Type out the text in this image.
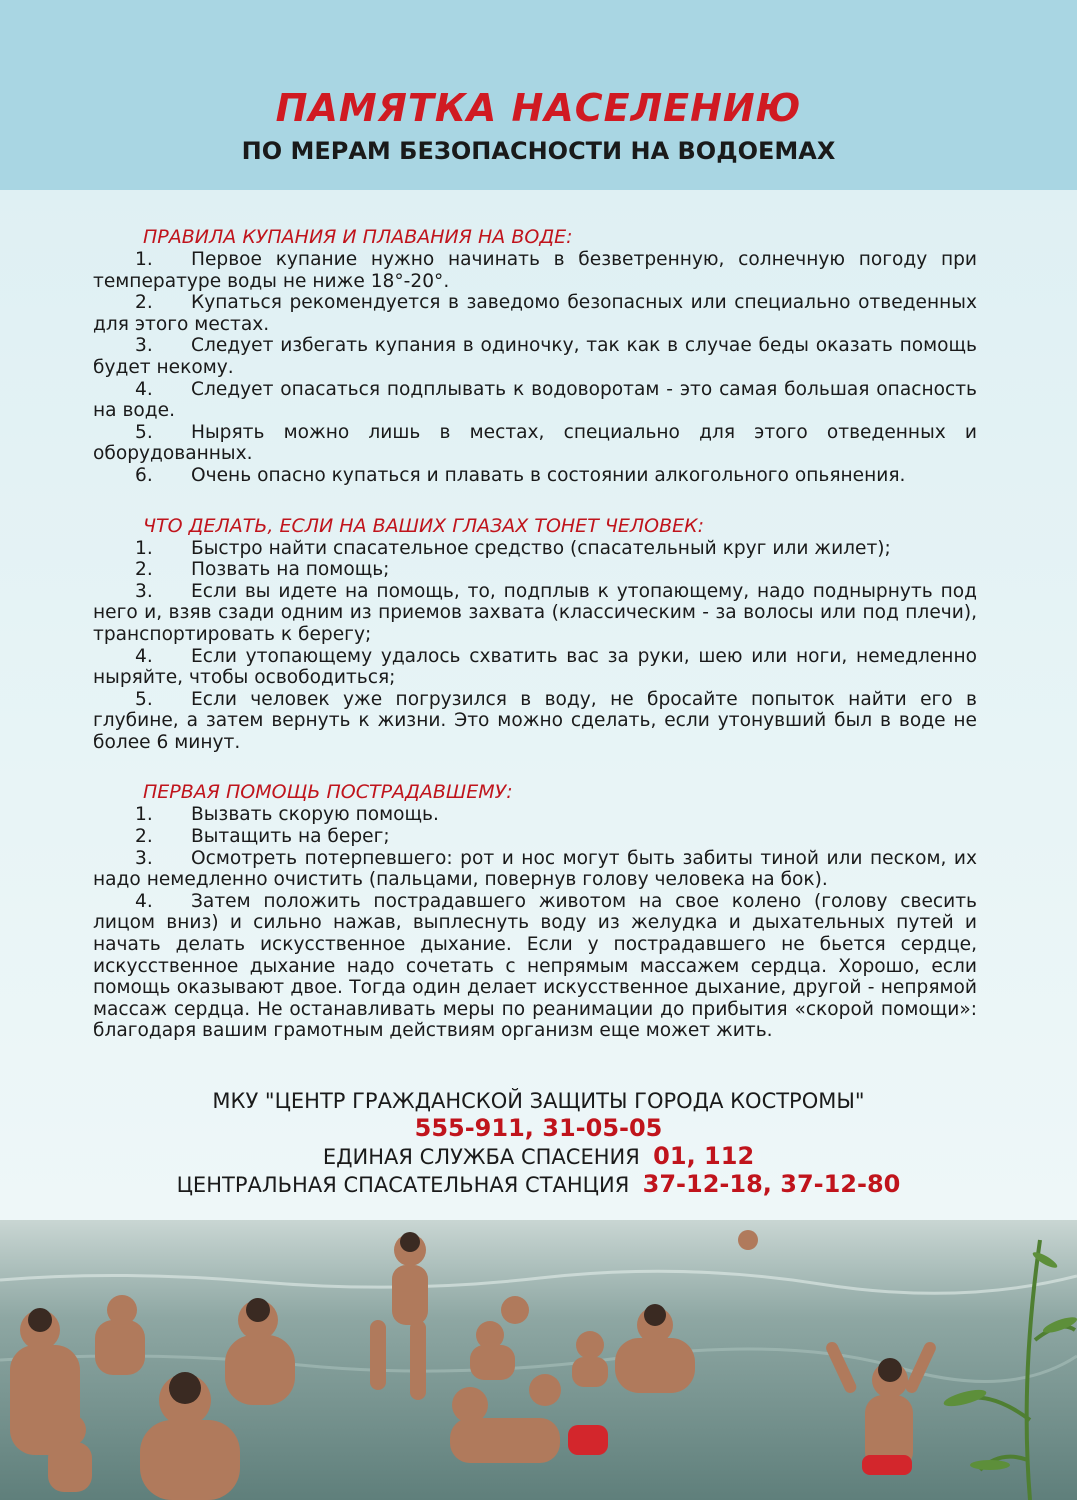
ПАМЯТКА НАСЕЛЕНИЮ
ПО МЕРАМ БЕЗОПАСНОСТИ НА ВОДОЕМАХ

ПРАВИЛА КУПАНИЯ И ПЛАВАНИЯ НА ВОДЕ:

1. Первое купание нужно начинать в безветренную, солнечную погоду при температуре воды не ниже 18°-20°.

2. Купаться рекомендуется в заведомо безопасных или специально отведенных для этого местах.

3. Следует избегать купания в одиночку, так как в случае беды оказать помощь будет некому.

4. Следует опасаться подплывать к водоворотам - это самая большая опасность на воде.

5. Нырять можно лишь в местах, специально для этого отведенных и оборудованных.

6. Очень опасно купаться и плавать в состоянии алкогольного опьянения.

ЧТО ДЕЛАТЬ, ЕСЛИ НА ВАШИХ ГЛАЗАХ ТОНЕТ ЧЕЛОВЕК:

1. Быстро найти спасательное средство (спасательный круг или жилет);

2. Позвать на помощь;

3. Если вы идете на помощь, то, подплыв к утопающему, надо поднырнуть под него и, взяв сзади одним из приемов захвата (классическим - за волосы или под плечи), транспортировать к берегу;

4. Если утопающему удалось схватить вас за руки, шею или ноги, немедленно ныряйте, чтобы освободиться;

5. Если человек уже погрузился в воду, не бросайте попыток найти его в глубине, а затем вернуть к жизни. Это можно сделать, если утонувший был в воде не более 6 минут.

ПЕРВАЯ ПОМОЩЬ ПОСТРАДАВШЕМУ:

1. Вызвать скорую помощь.

2. Вытащить на берег;

3. Осмотреть потерпевшего: рот и нос могут быть забиты тиной или песком, их надо немедленно очистить (пальцами, повернув голову человека на бок).

4. Затем положить пострадавшего животом на свое колено (голову свесить лицом вниз) и сильно нажав, выплеснуть воду из желудка и дыхательных путей и начать делать искусственное дыхание. Если у пострадавшего не бьется сердце, искусственное дыхание надо сочетать с непрямым массажем сердца. Хорошо, если помощь оказывают двое. Тогда один делает искусственное дыхание, другой - непрямой массаж сердца. Не останавливать меры по реанимации до прибытия «скорой помощи»: благодаря вашим грамотным действиям организм еще может жить.

МКУ "ЦЕНТР ГРАЖДАНСКОЙ ЗАЩИТЫ ГОРОДА КОСТРОМЫ"
555-911, 31-05-05
ЕДИНАЯ СЛУЖБА СПАСЕНИЯ 01, 112
ЦЕНТРАЛЬНАЯ СПАСАТЕЛЬНАЯ СТАНЦИЯ 37-12-18, 37-12-80
